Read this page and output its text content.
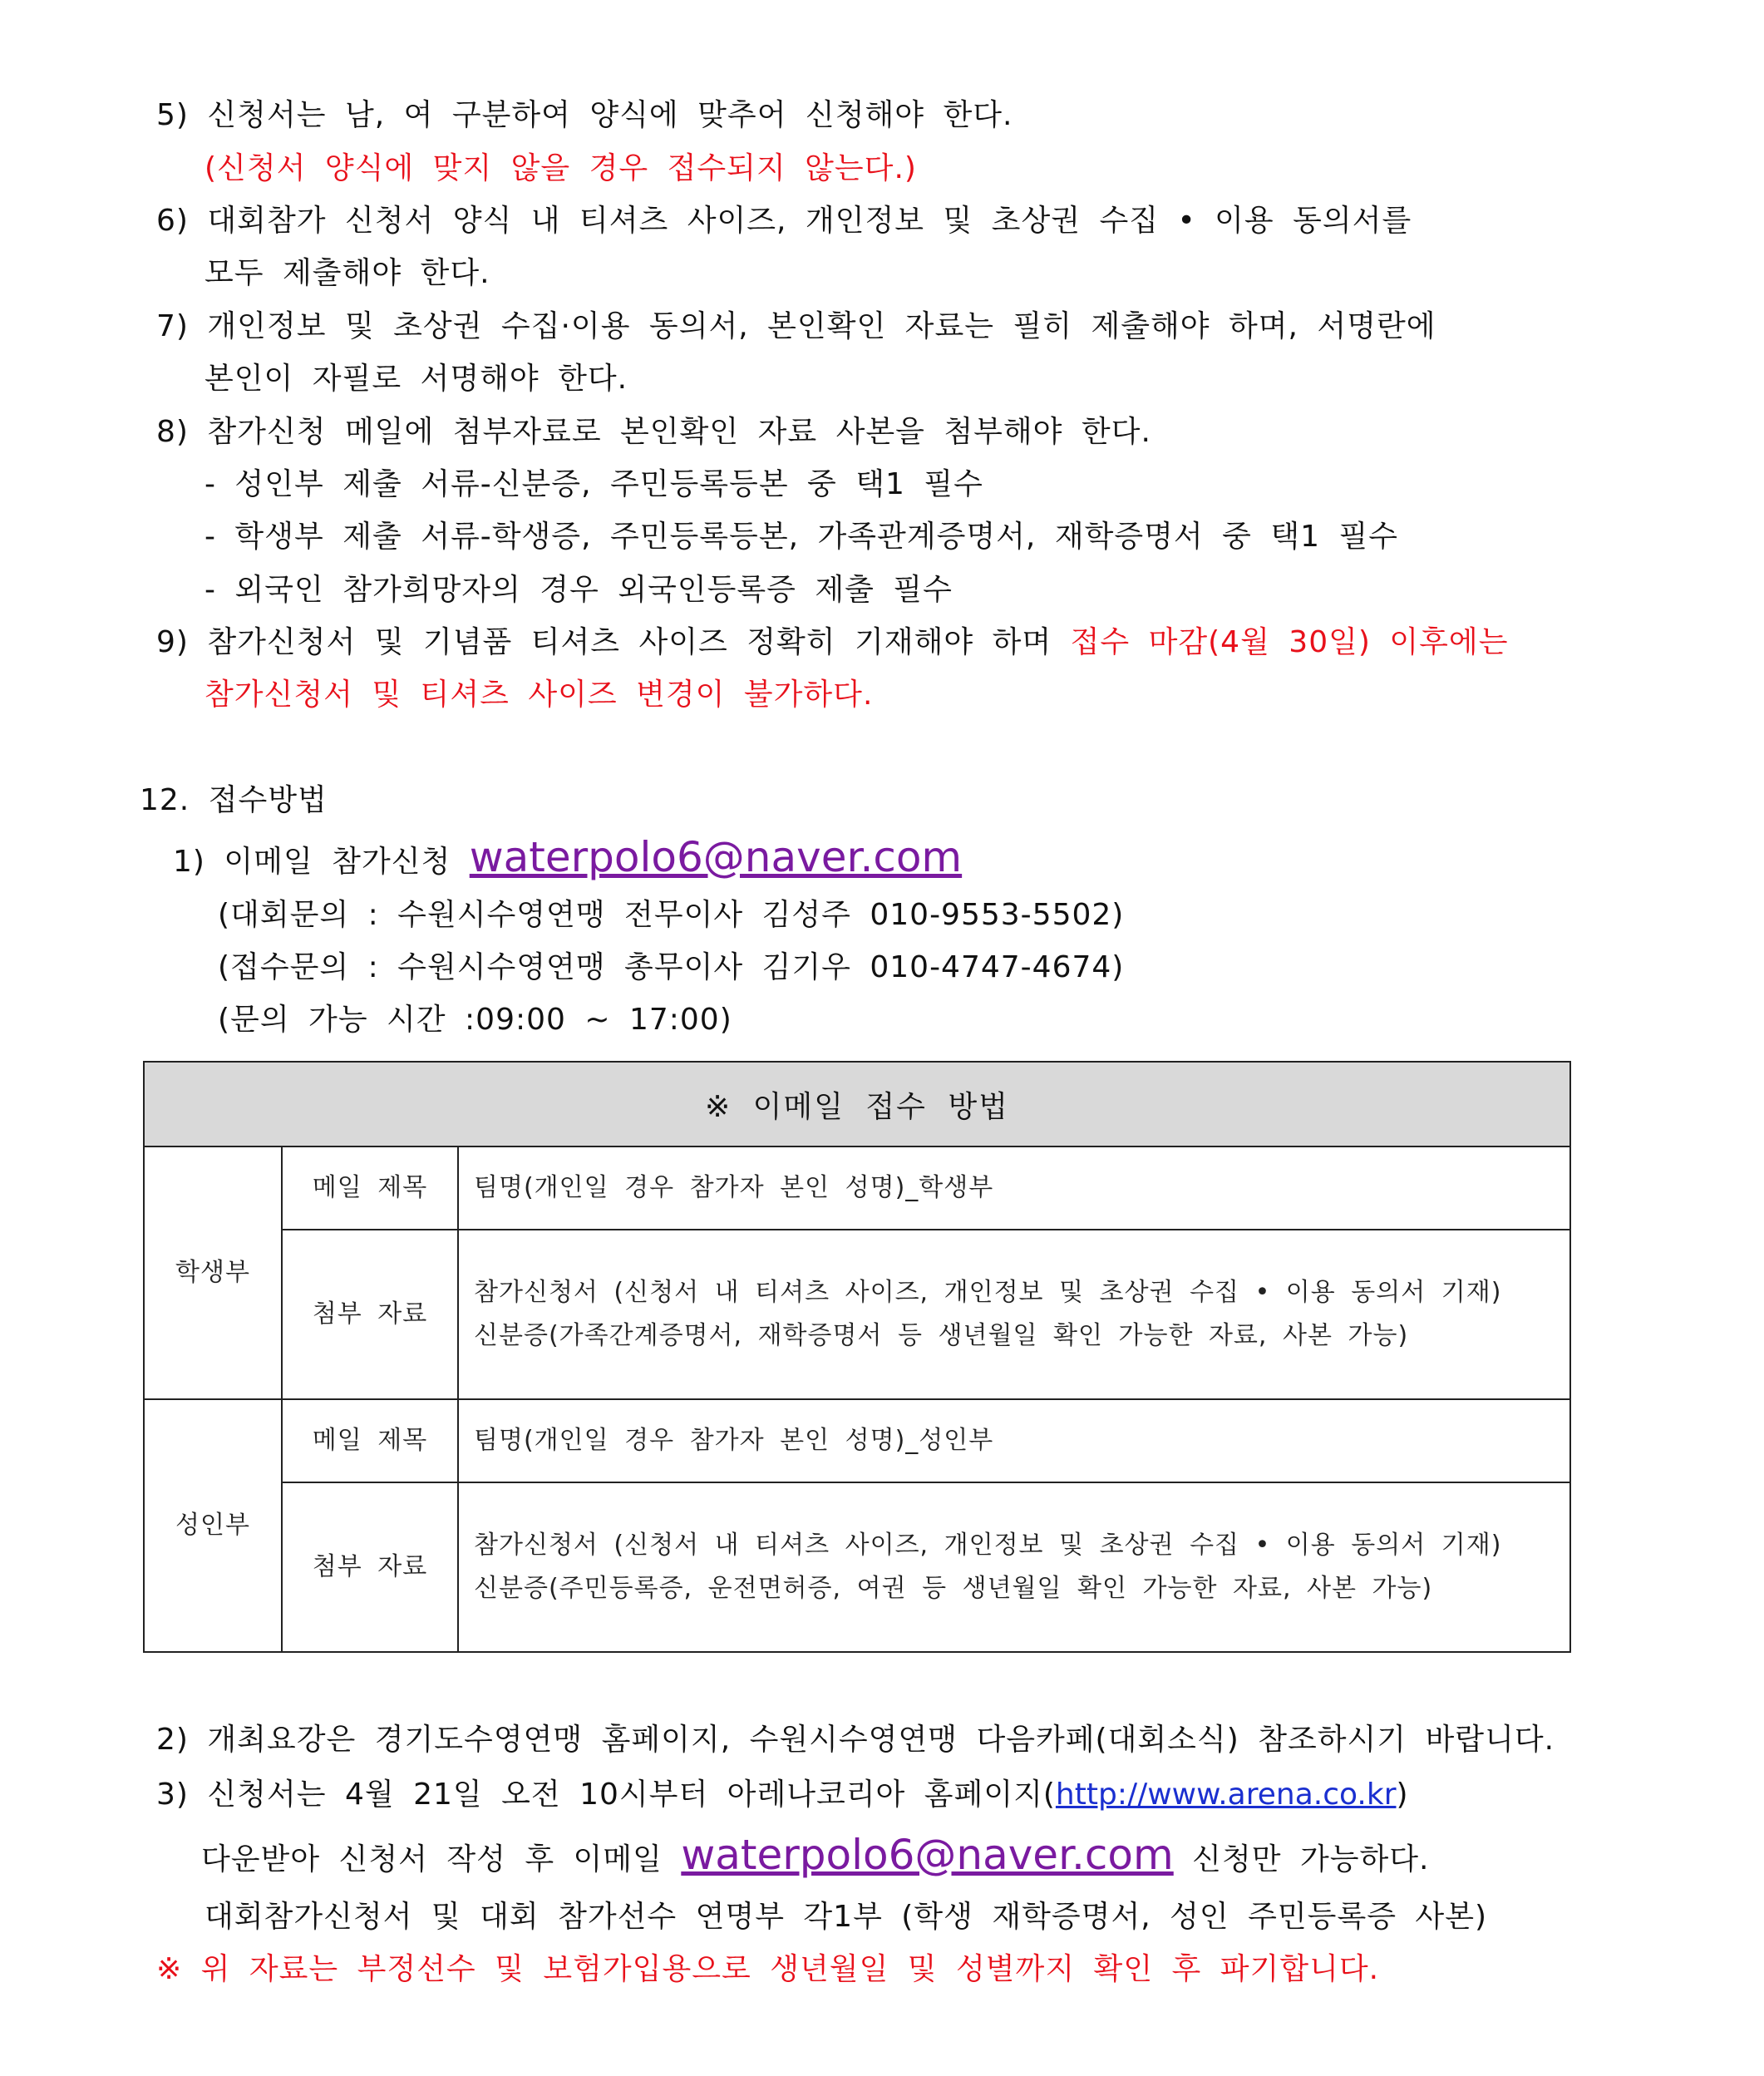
5) 신청서는 남, 여 구분하여 양식에 맞추어 신청해야 한다.
(신청서 양식에 맞지 않을 경우 접수되지 않는다.)
6) 대회참가 신청서 양식 내 티셔츠 사이즈, 개인정보 및 초상권 수집 • 이용 동의서를
모두 제출해야 한다.
7) 개인정보 및 초상권 수집·이용 동의서, 본인확인 자료는 필히 제출해야 하며, 서명란에
본인이 자필로 서명해야 한다.
8) 참가신청 메일에 첨부자료로 본인확인 자료 사본을 첨부해야 한다.
- 성인부 제출 서류-신분증, 주민등록등본 중 택1 필수
- 학생부 제출 서류-학생증, 주민등록등본, 가족관계증명서, 재학증명서 중 택1 필수
- 외국인 참가희망자의 경우 외국인등록증 제출 필수
9) 참가신청서 및 기념품 티셔츠 사이즈 정확히 기재해야 하며 접수 마감(4월 30일) 이후에는
참가신청서 및 티셔츠 사이즈 변경이 불가하다.
12. 접수방법
1) 이메일 참가신청 waterpolo6@naver.com
(대회문의 : 수원시수영연맹 전무이사 김성주 010-9553-5502)
(접수문의 : 수원시수영연맹 총무이사 김기우 010-4747-4674)
(문의 가능 시간 :09:00 ~ 17:00)
※ 이메일 접수 방법
학생부
메일 제목	팀명(개인일 경우 참가자 본인 성명)_학생부
첨부 자료
참가신청서 (신청서 내 티셔츠 사이즈, 개인정보 및 초상권 수집 • 이용 동의서 기재)
신분증(가족간계증명서, 재학증명서 등 생년월일 확인 가능한 자료, 사본 가능)
성인부
메일 제목	팀명(개인일 경우 참가자 본인 성명)_성인부
첨부 자료
참가신청서 (신청서 내 티셔츠 사이즈, 개인정보 및 초상권 수집 • 이용 동의서 기재)
신분증(주민등록증, 운전면허증, 여권 등 생년월일 확인 가능한 자료, 사본 가능)
2) 개최요강은 경기도수영연맹 홈페이지, 수원시수영연맹 다음카페(대회소식) 참조하시기 바랍니다.
3) 신청서는 4월 21일 오전 10시부터 아레나코리아 홈페이지(http://www.arena.co.kr)
다운받아 신청서 작성 후 이메일 waterpolo6@naver.com 신청만 가능하다.
대회참가신청서 및 대회 참가선수 연명부 각1부 (학생 재학증명서, 성인 주민등록증 사본)
※ 위 자료는 부정선수 및 보험가입용으로 생년월일 및 성별까지 확인 후 파기합니다.
